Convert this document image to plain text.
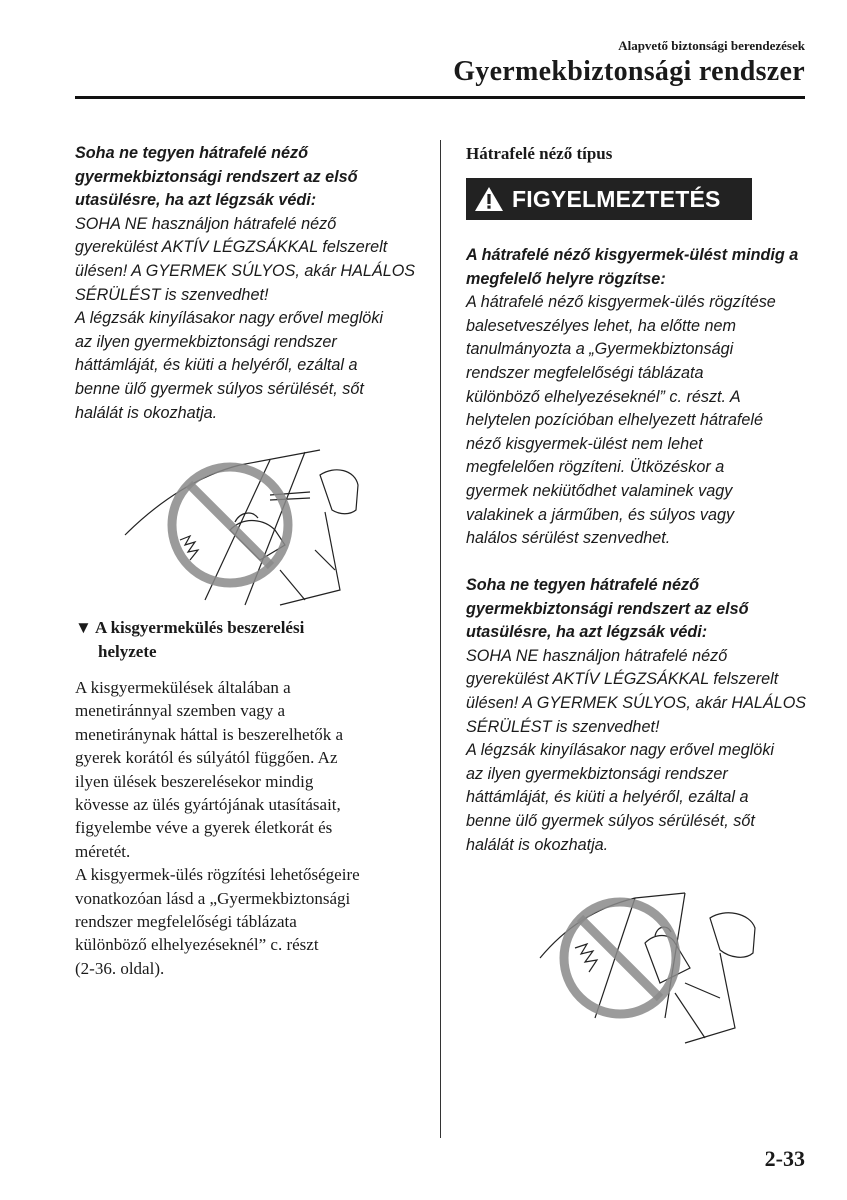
Alapvető biztonsági berendezések
Gyermekbiztonsági rendszer

Soha ne tegyen hátrafelé néző

gyermekbiztonsági rendszert az első

utasülésre, ha azt légzsák védi:

SOHA NE használjon hátrafelé néző

gyerekülést AKTÍV LÉGZSÁKKAL felszerelt

ülésen! A GYERMEK SÚLYOS, akár HALÁLOS

SÉRÜLÉST is szenvedhet!

A légzsák kinyílásakor nagy erővel meglöki

az ilyen gyermekbiztonsági rendszer

háttámláját, és kiüti a helyéről, ezáltal a

benne ülő gyermek súlyos sérülését, sőt

halálát is okozhatja.

▼ A kisgyermekülés beszerelési
helyzete

A kisgyermekülések általában a

menetiránnyal szemben vagy a

menetiránynak háttal is beszerelhetők a

gyerek korától és súlyától függően. Az

ilyen ülések beszerelésekor mindig

kövesse az ülés gyártójának utasításait,

figyelembe véve a gyerek életkorát és

méretét.

A kisgyermek-ülés rögzítési lehetőségeire

vonatkozóan lásd a „Gyermekbiztonsági

rendszer megfelelőségi táblázata

különböző elhelyezéseknél” c. részt

(2-36. oldal).

Hátrafelé néző típus

FIGYELMEZTETÉS

A hátrafelé néző kisgyermek-ülést mindig a

megfelelő helyre rögzítse:

A hátrafelé néző kisgyermek-ülés rögzítése

balesetveszélyes lehet, ha előtte nem

tanulmányozta a „Gyermekbiztonsági

rendszer megfelelőségi táblázata

különböző elhelyezéseknél” c. részt. A

helytelen pozícióban elhelyezett hátrafelé

néző kisgyermek-ülést nem lehet

megfelelően rögzíteni. Ütközéskor a

gyermek nekiütődhet valaminek vagy

valakinek a járműben, és súlyos vagy

halálos sérülést szenvedhet.

Soha ne tegyen hátrafelé néző

gyermekbiztonsági rendszert az első

utasülésre, ha azt légzsák védi:

SOHA NE használjon hátrafelé néző

gyerekülést AKTÍV LÉGZSÁKKAL felszerelt

ülésen! A GYERMEK SÚLYOS, akár HALÁLOS

SÉRÜLÉST is szenvedhet!

A légzsák kinyílásakor nagy erővel meglöki

az ilyen gyermekbiztonsági rendszer

háttámláját, és kiüti a helyéről, ezáltal a

benne ülő gyermek súlyos sérülését, sőt

halálát is okozhatja.

2-33
